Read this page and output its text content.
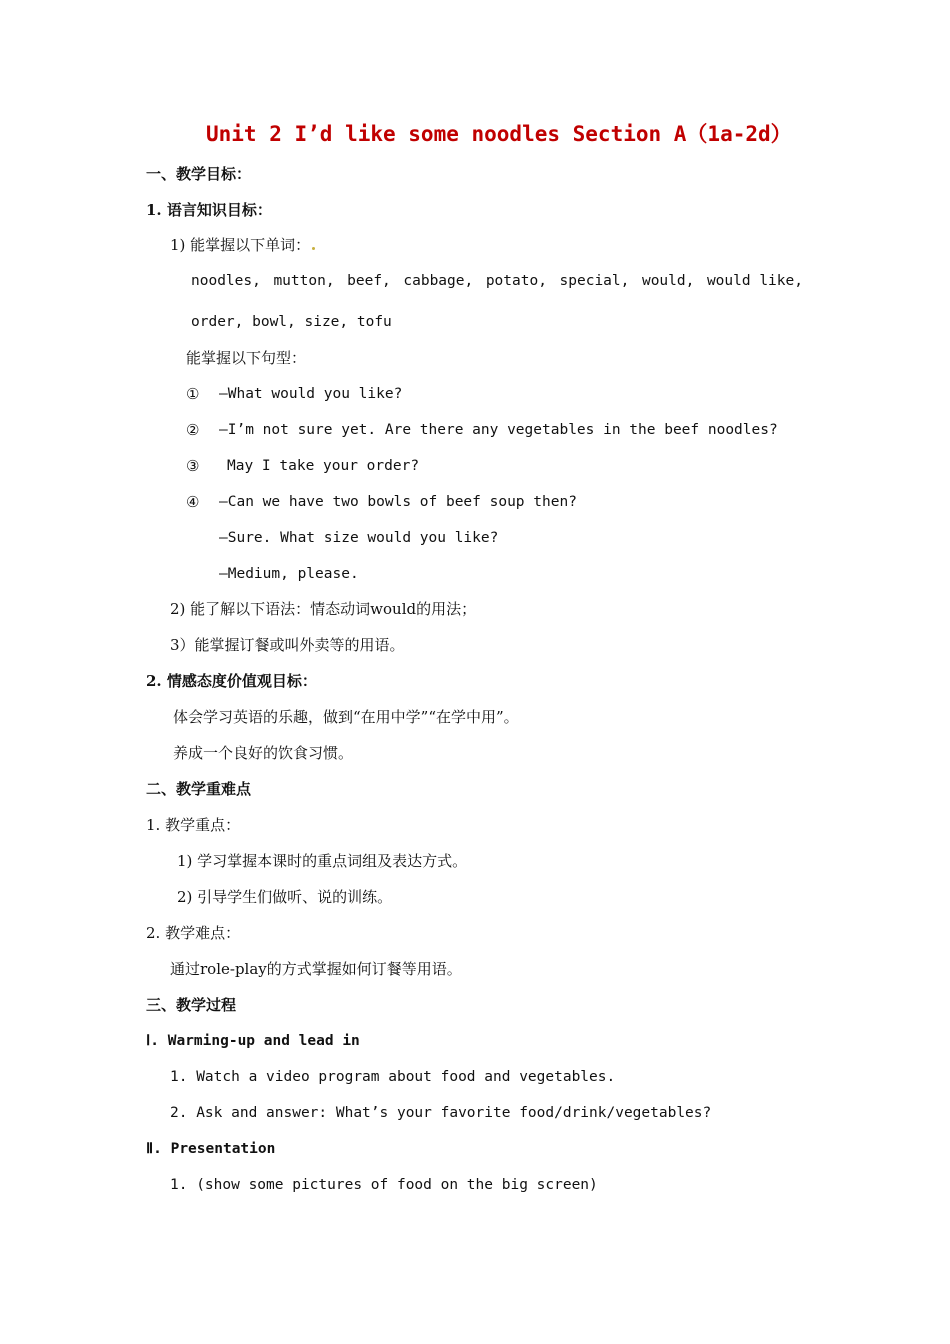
Unit 2 I’d like some noodles Section A（1a-2d）
一、教学目标：
1. 语言知识目标：
1) 能掌握以下单词：
noodles, mutton, beef, cabbage, potato, special, would, would like,
order, bowl, size, tofu
能掌握以下句型：
① —What would you like?
② —I’m not sure yet. Are there any vegetables in the beef noodles?
③ May I take your order?
④ —Can we have two bowls of beef soup then?
—Sure. What size would you like?
—Medium, please.
2) 能了解以下语法：情态动词would的用法；
3）能掌握订餐或叫外卖等的用语。
2. 情感态度价值观目标：
体会学习英语的乐趣，做到“在用中学”“在学中用”。
养成一个良好的饮食习惯。
二、教学重难点
1. 教学重点：
1) 学习掌握本课时的重点词组及表达方式。
2) 引导学生们做听、说的训练。
2. 教学难点：
通过role-play的方式掌握如何订餐等用语。
三、教学过程
Ⅰ. Warming-up and lead in
1. Watch a video program about food and vegetables.
2. Ask and answer: What’s your favorite food/drink/vegetables?
Ⅱ. Presentation
1. (show some pictures of food on the big screen)
